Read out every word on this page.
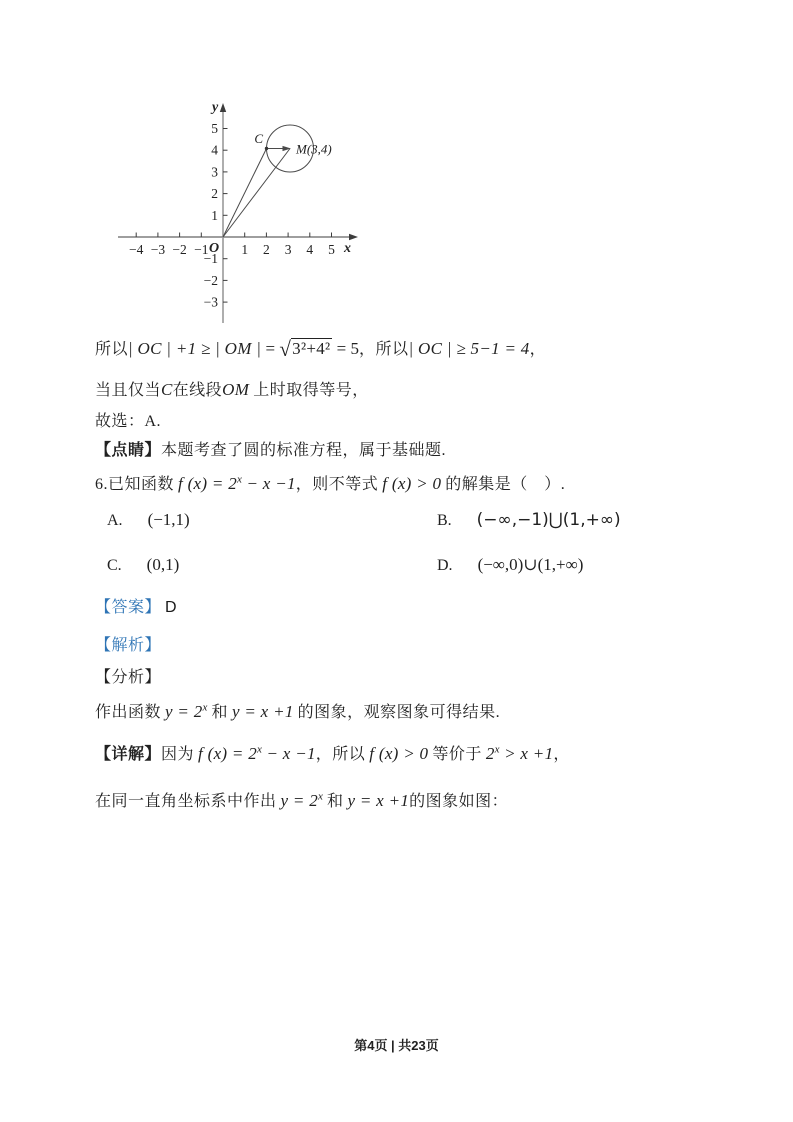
−4 −3 −2 −1 1 2 3 4 5
5
4
3
2
1
−1
−2
−3
y
x
O
C
M(3,4)
所以| OC | +1 ≥ | OM | = √3²+4² = 5，所以| OC | ≥ 5−1 = 4，
当且仅当C在线段OM 上时取得等号，
故选：A.
【点睛】本题考查了圆的标准方程，属于基础题.
6.已知函数 f $(x) = 2^x - x -1$，则不等式 f (x) > 0 的解集是（　）.
A. (−1,1)	B. (−∞,−1)⋃(1,+∞)
C. (0,1)	D. (−∞,0)∪(1,+∞)
【答案】 D
【解析】
【分析】
作出函数 $y = 2^x$ 和 y = x +1 的图象，观察图象可得结果.
【详解】因为 f $(x) = 2^x - x -1$，所以 f (x) > 0 等价于 $2^x > x +1$，
在同一直角坐标系中作出 $y = 2^x$ 和 y = x +1的图象如图：
第4页 | 共23页
